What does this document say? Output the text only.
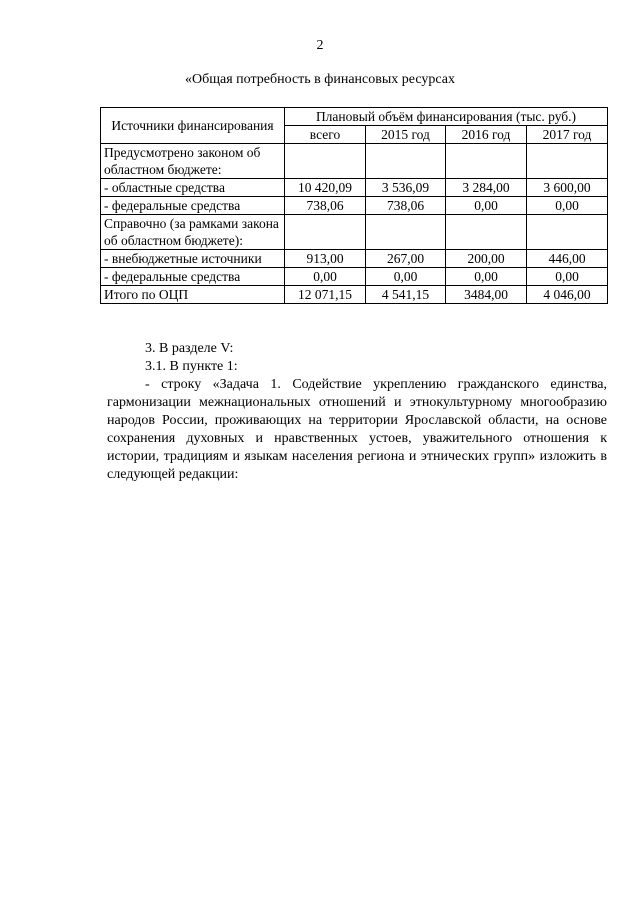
2
«Общая потребность в финансовых ресурсах
Источники финансирования	Плановый объём финансирования (тыс. руб.)			
	всего	2015 год	2016 год	2017 год
Предусмотрено законом об областном бюджете:				
- областные средства	10 420,09	3 536,09	3 284,00	3 600,00
- федеральные средства	738,06	738,06	0,00	0,00
Справочно (за рамками закона об областном бюджете):				
- внебюджетные источники	913,00	267,00	200,00	446,00
- федеральные средства	0,00	0,00	0,00	0,00
Итого по ОЦП	12 071,15	4 541,15	3484,00	4 046,00
3. В разделе V:
3.1. В пункте 1:
- строку «Задача 1. Содействие укреплению гражданского единства, гармонизации межнациональных отношений и этнокультурному многообразию народов России, проживающих на территории Ярославской области, на основе сохранения духовных и нравственных устоев, уважительного отношения к истории, традициям и языкам населения региона и этнических групп» изложить в следующей редакции:
